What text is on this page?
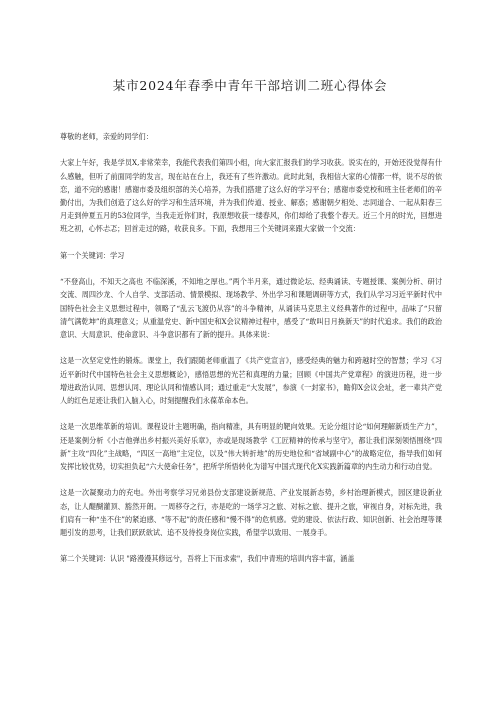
某市2024年春季中青年干部培训二班心得体会

尊敬的老师，亲爱的同学们：

大家上午好，我是学员X,非常荣幸，我能代表我们第四小组，向大家汇报我们的学习收获。说实在的，开始还没觉得有什么感触，但听了前面同学的发言，现在站在台上，我还有了些许激动。此时此刻，我相信大家的心情都一样，说不尽的依恋，道不完的感谢！感谢市委及组织部的关心培养，为我们搭建了这么好的学习平台；感谢市委党校和班主任老师们的辛勤付出，为我们创造了这么好的学习和生活环境，并为我们传道、授业、解惑；感谢朝夕相处、志同道合、一起从阳春三月走到仲夏五月的53位同学，当我走近你们时，我原想收获一缕春风，你们却给了我整个春天。近三个月的时光，回想进班之初，心怀忐忑；回首走过的路，收获良多。下面，我想用三个关键词来跟大家做一个交流：

第一个关键词：学习

“不登高山，不知天之高也 不临深溪，不知地之厚也。”两个半月来，通过微论坛、经典诵读、专题授课、案例分析、研讨交流、周四沙龙、个人自学、支部活动、情景模拟、现场教学、外出学习和课题调研等方式，我们从学习习近平新时代中国特色社会主义思想过程中，领略了“乱云飞渡仍从容”的斗争精神，从诵读马克思主义经典著作的过程中，品味了“只留清气满乾坤”的真理意义；从重温党史、新中国史和X会议精神过程中，感受了“敢叫日月换新天”的时代追求。我们的政治意识、大局意识、使命意识、斗争意识都有了新的提升。具体来说：

这是一次坚定党性的锻炼。课堂上，我们跟随老师重温了《共产党宣言》，感受经典的魅力和跨越时空的智慧；学习《习近平新时代中国特色社会主义思想概论》，感悟思想的光芒和真理的力量；回顾《中国共产党章程》的演进历程，进一步增进政治认同、思想认同、理论认同和情感认同；通过重走“大发展”，参演《一封家书》，瞻仰X会议会址，老一辈共产党人的红色足迹让我们入脑入心，时刻提醒我们永葆革命本色。

这是一次思维革新的培训。课程设计主题明确，指向精准，具有明显的靶向效果。无论分组讨论“如何理解新质生产力”，还是案例分析《小吉他弹出乡村振兴美好乐章》，亦或是现场教学《工匠精神的传承与坚守》，都让我们深刻领悟围绕“四新”主攻“四化”主战略，“四区一高地”主定位，以及“伟大转折地”的历史地位和“省域副中心”的战略定位，指导我们如何发挥比较优势，切实担负起“六大使命任务”，把所学所悟转化为谱写中国式现代化X实践新篇章的内生动力和行动自觉。

这是一次凝聚动力的充电。外出考察学习兄弟县份支部建设新规范、产业发展新态势，乡村治理新模式，园区建设新业态，让人醍醐灌顶、豁然开朗。一周移夺之行，亦是吃的一场学习之旅、对标之旅、提升之旅，审视自身，对标先进，我们肩有一种“坐不住”的紧迫感、“等不起”的责任感和“慢不得”的危机感。党的建设、依法行政、知识创新、社会治理等课题引发的思考，让我们跃跃欲试、追不及待投身岗位实践，希望学以致用、一展身手。

第二个关键词：认识 "路漫漫其修远兮，吾将上下而求索"，我们中青班的培训内容丰富，涵盖
